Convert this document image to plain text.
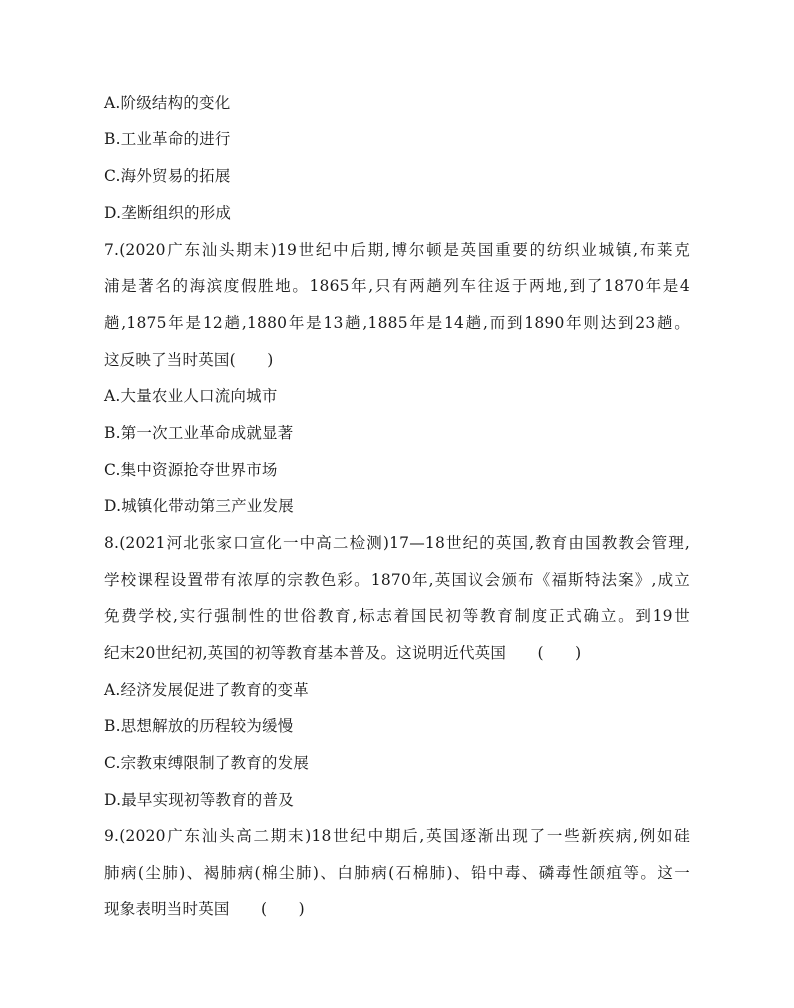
A.阶级结构的变化
B.工业革命的进行
C.海外贸易的拓展
D.垄断组织的形成
7.(2020广东汕头期末)19世纪中后期,博尔顿是英国重要的纺织业城镇,布莱克
浦是著名的海滨度假胜地。1865年,只有两趟列车往返于两地,到了1870年是4
趟,1875年是12趟,1880年是13趟,1885年是14趟,而到1890年则达到23趟。
这反映了当时英国(　　)
A.大量农业人口流向城市
B.第一次工业革命成就显著
C.集中资源抢夺世界市场
D.城镇化带动第三产业发展
8.(2021河北张家口宣化一中高二检测)17—18世纪的英国,教育由国教教会管理,
学校课程设置带有浓厚的宗教色彩。1870年,英国议会颁布《福斯特法案》,成立
免费学校,实行强制性的世俗教育,标志着国民初等教育制度正式确立。到19世
纪末20世纪初,英国的初等教育基本普及。这说明近代英国　　(　　)
A.经济发展促进了教育的变革
B.思想解放的历程较为缓慢
C.宗教束缚限制了教育的发展
D.最早实现初等教育的普及
9.(2020广东汕头高二期末)18世纪中期后,英国逐渐出现了一些新疾病,例如硅
肺病(尘肺)、褐肺病(棉尘肺)、白肺病(石棉肺)、铅中毒、磷毒性颌疽等。这一
现象表明当时英国　　(　　)
